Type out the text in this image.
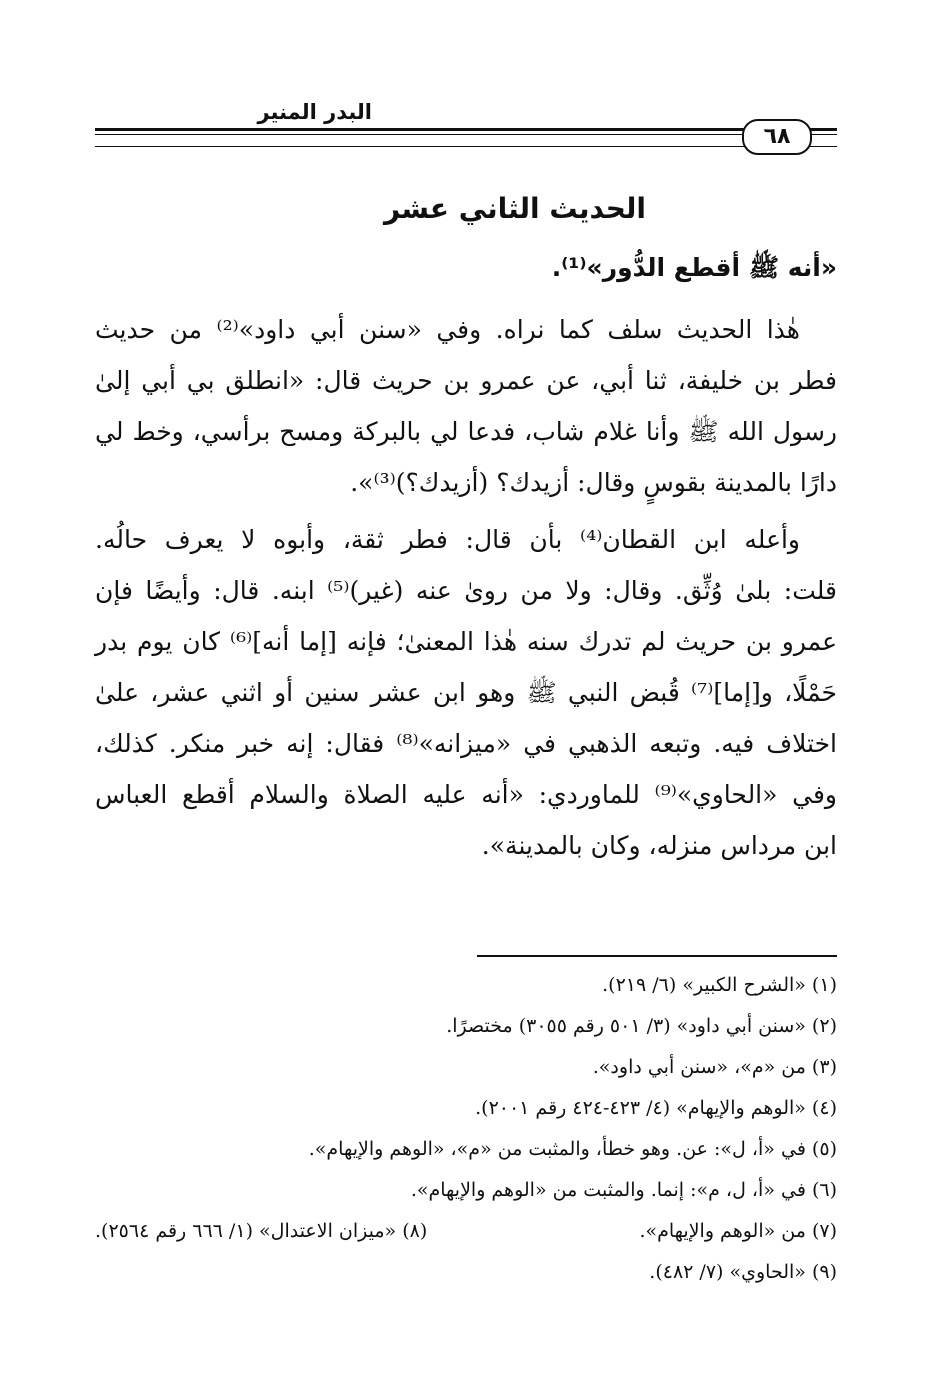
البدر المنير
٦٨
الحديث الثاني عشر
«أنه ﷺ أقطع الدُّور»⁽¹⁾.
هٰذا الحديث سلف كما نراه. وفي «سنن أبي داود»⁽²⁾ من حديث
فطر بن خليفة، ثنا أبي، عن عمرو بن حريث قال: «انطلق بي أبي إلىٰ
رسول الله ﷺ وأنا غلام شاب، فدعا لي بالبركة ومسح برأسي، وخط لي
دارًا بالمدينة بقوسٍ وقال: أزيدك؟ (أزيدك؟)⁽³⁾».
وأعله ابن القطان⁽⁴⁾ بأن قال: فطر ثقة، وأبوه لا يعرف حالُه.
قلت: بلىٰ وُثِّق. وقال: ولا من روىٰ عنه (غير)⁽⁵⁾ ابنه. قال: وأيضًا فإن
عمرو بن حريث لم تدرك سنه هٰذا المعنىٰ؛ فإنه [إما أنه]⁽⁶⁾ كان يوم بدر
حَمْلًا، و[إما]⁽⁷⁾ قُبض النبي ﷺ وهو ابن عشر سنين أو اثني عشر، علىٰ
اختلاف فيه. وتبعه الذهبي في «ميزانه»⁽⁸⁾ فقال: إنه خبر منكر. كذلك،
وفي «الحاوي»⁽⁹⁾ للماوردي: «أنه عليه الصلاة والسلام أقطع العباس
ابن مرداس منزله، وكان بالمدينة».
(١) «الشرح الكبير» (٦/ ٢١٩).
(٢) «سنن أبي داود» (٣/ ٥٠١ رقم ٣٠٥٥) مختصرًا.
(٣) من «م»، «سنن أبي داود».
(٤) «الوهم والإيهام» (٤/ ٤٢٣-٤٢٤ رقم ٢٠٠١).
(٥) في «أ، ل»: عن. وهو خطأ، والمثبت من «م»، «الوهم والإيهام».
(٦) في «أ، ل، م»: إنما. والمثبت من «الوهم والإيهام».
(٧) من «الوهم والإيهام».
(٨) «ميزان الاعتدال» (١/ ٦٦٦ رقم ٢٥٦٤).
(٩) «الحاوي» (٧/ ٤٨٢).
